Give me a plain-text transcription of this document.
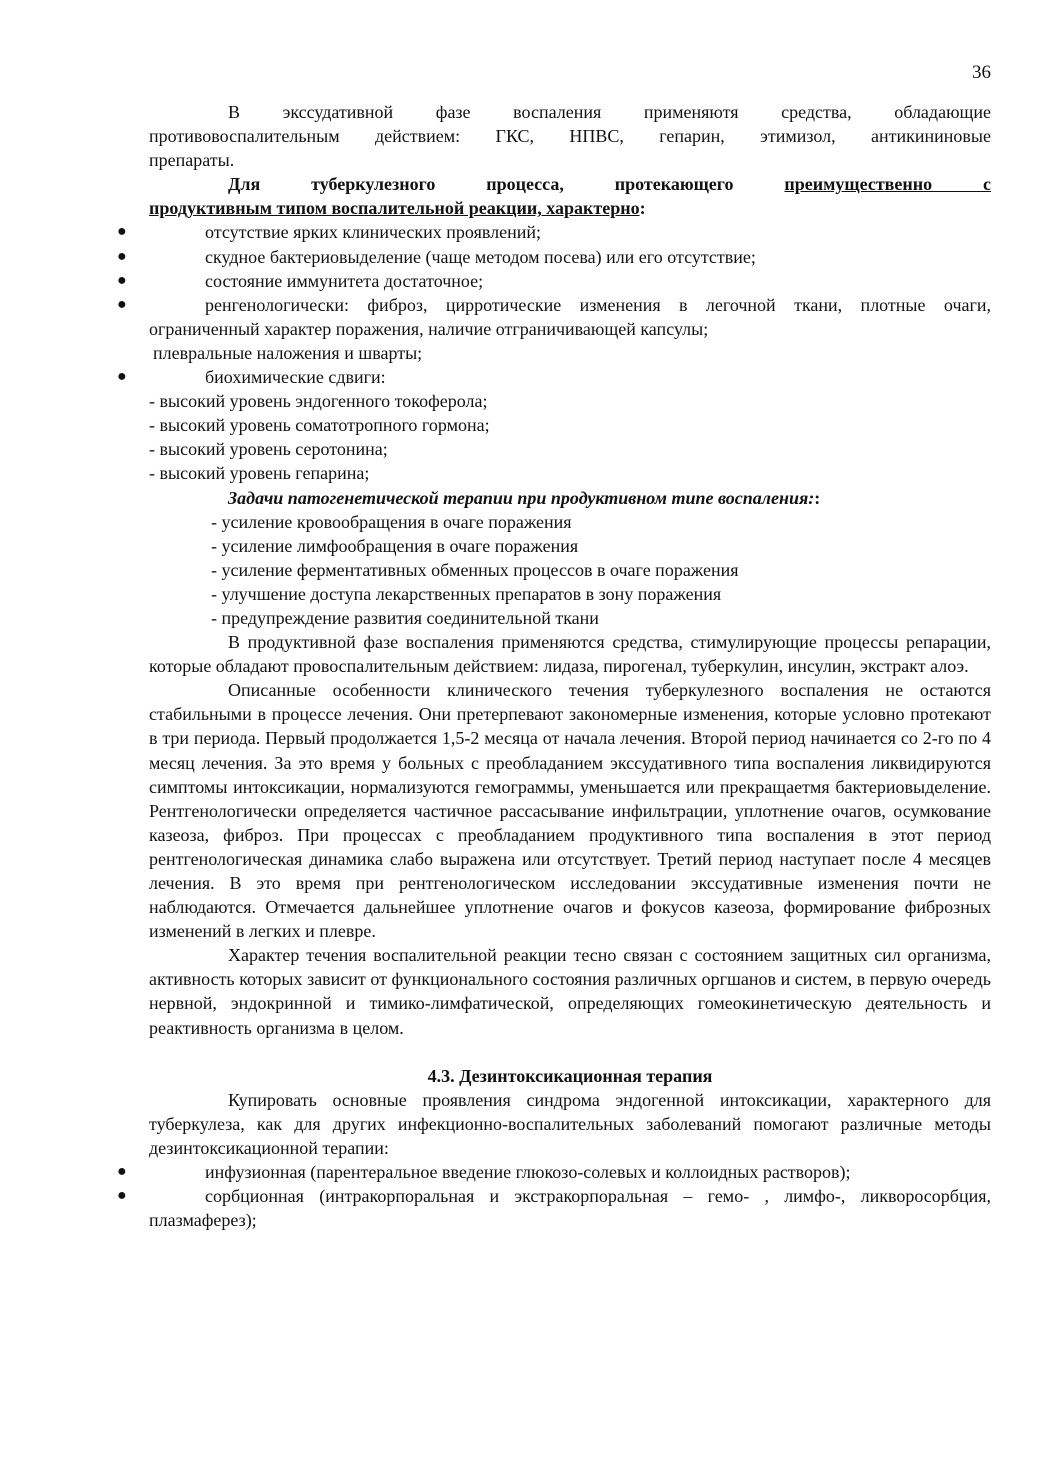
36

В экссудативной фазе воспаления применяютя средства, обладающие

противовоспалительным действием: ГКС, НПВС, гепарин, этимизол, антикининовые

препараты.

Для туберкулезного процесса, протекающего преимущественно с

продуктивным типом воспалительной реакции, характерно:

●	отсутствие ярких клинических проявлений;
●	скудное бактериовыделение (чаще методом посева) или его отсутствие;
●	состояние иммунитета достаточное;
●	ренгенологически: фиброз, цирротические изменения в легочной ткани, плотные очаги, ограниченный характер поражения, наличие отграничивающей капсулы;

плевральные наложения и шварты;

●	биохимические сдвиги:

- высокий уровень эндогенного токоферола;

- высокий уровень соматотропного гормона;

- высокий уровень серотонина;

- высокий уровень гепарина;

Задачи патогенетической терапии при продуктивном типе воспаления::

- усиление кровообращения в очаге поражения

- усиление лимфообращения в очаге поражения

- усиление ферментативных обменных процессов в очаге поражения

- улучшение доступа лекарственных препаратов в зону поражения

- предупреждение развития соединительной ткани

В продуктивной фазе воспаления применяются средства, стимулирующие процессы репарации, которые обладают провоспалительным действием: лидаза, пирогенал, туберкулин, инсулин, экстракт алоэ.

Описанные особенности клинического течения туберкулезного воспаления не остаются стабильными в процессе лечения. Они претерпевают закономерные изменения, которые условно протекают в три периода. Первый продолжается 1,5-2 месяца от начала лечения. Второй период начинается со 2-го по 4 месяц лечения. За это время у больных с преобладанием экссудативного типа воспаления ликвидируются симптомы интоксикации, нормализуются гемограммы, уменьшается или прекращаетмя бактериовыделение. Рентгенологически определяется частичное рассасывание инфильтрации, уплотнение очагов, осумкование казеоза, фиброз. При процессах с преобладанием продуктивного типа воспаления в этот период рентгенологическая динамика слабо выражена или отсутствует. Третий период наступает после 4 месяцев лечения. В это время при рентгенологическом исследовании экссудативные изменения почти не наблюдаются. Отмечается дальнейшее уплотнение очагов и фокусов казеоза, формирование фиброзных изменений в легких и плевре.

Характер течения воспалительной реакции тесно связан с состоянием защитных сил организма, активность которых зависит от функционального состояния различных оргшанов и систем, в первую очередь нервной, эндокринной и тимико-лимфатической, определяющих гомеокинетическую деятельность и реактивность организма в целом.

4.3. Дезинтоксикационная терапия

Купировать основные проявления синдрома эндогенной интоксикации, характерного для туберкулеза, как для других инфекционно-воспалительных заболеваний помогают различные методы дезинтоксикационной терапии:

●	инфузионная (парентеральное введение глюкозо-солевых и коллоидных растворов);
●	сорбционная (интракорпоральная и экстракорпоральная – гемо- , лимфо-, ликворосорбция, плазмаферез);
